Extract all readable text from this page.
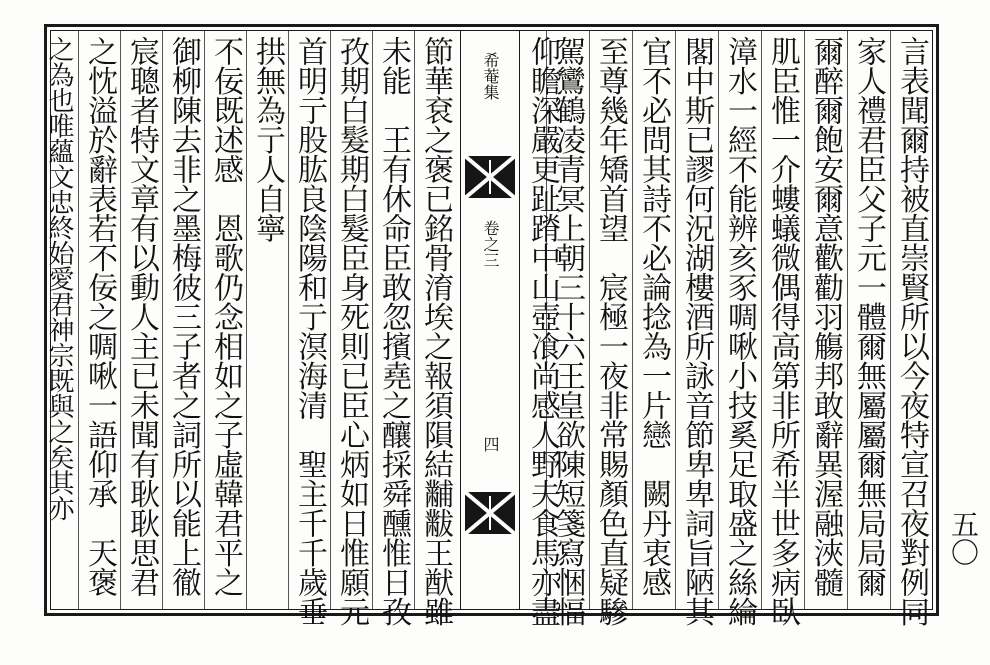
言表聞爾持被直崇賢所以今夜特宣召夜對例同
家人禮君臣父子元一體爾無屬屬爾無局局爾
爾醉爾飽安爾意歡勸羽觴邦敢辭異渥融浹髓
肌臣惟一介螻蟻微偶得高第非所希半世多病臥
漳水一經不能辨亥豕啁啾小技奚足取盛之絲綸
閣中斯已謬何況湖樓酒所詠音節卑卑詞旨陋其
官不必問其詩不必論捻為一片戀　闕丹衷感
至尊幾年矯首望　宸極一夜非常賜顏色直疑驂
駕鸞鶴凌青冥上朝三十六王皇欲陳短箋寫悃愊
仰瞻深嚴更趾蹐中山壺飡尚感人野夫食馬亦盡
希菴集
卷之三
四
節華袞之褒已銘骨淯埃之報須隕結黼黻王猷雖
未能　王有休命臣敢忽擯堯之釀採舜醺惟日孜
孜期白髮期白髮臣身死則已臣心炳如日惟願元
首明亍股肱良陰陽和亍溟海清　聖主千千歲垂
拱無為亍人自寧
不佞既述感　恩歌仍念相如之子虛韓君平之
御柳陳去非之墨梅彼三子者之詞所以能上徹
宸聰者特文章有以動人主已未聞有耿耿思君
之忱溢於辭表若不佞之啁啾一語仰承　天褒
之為也唯蘊文忠終始愛君神宗既與之矣其亦
五〇
